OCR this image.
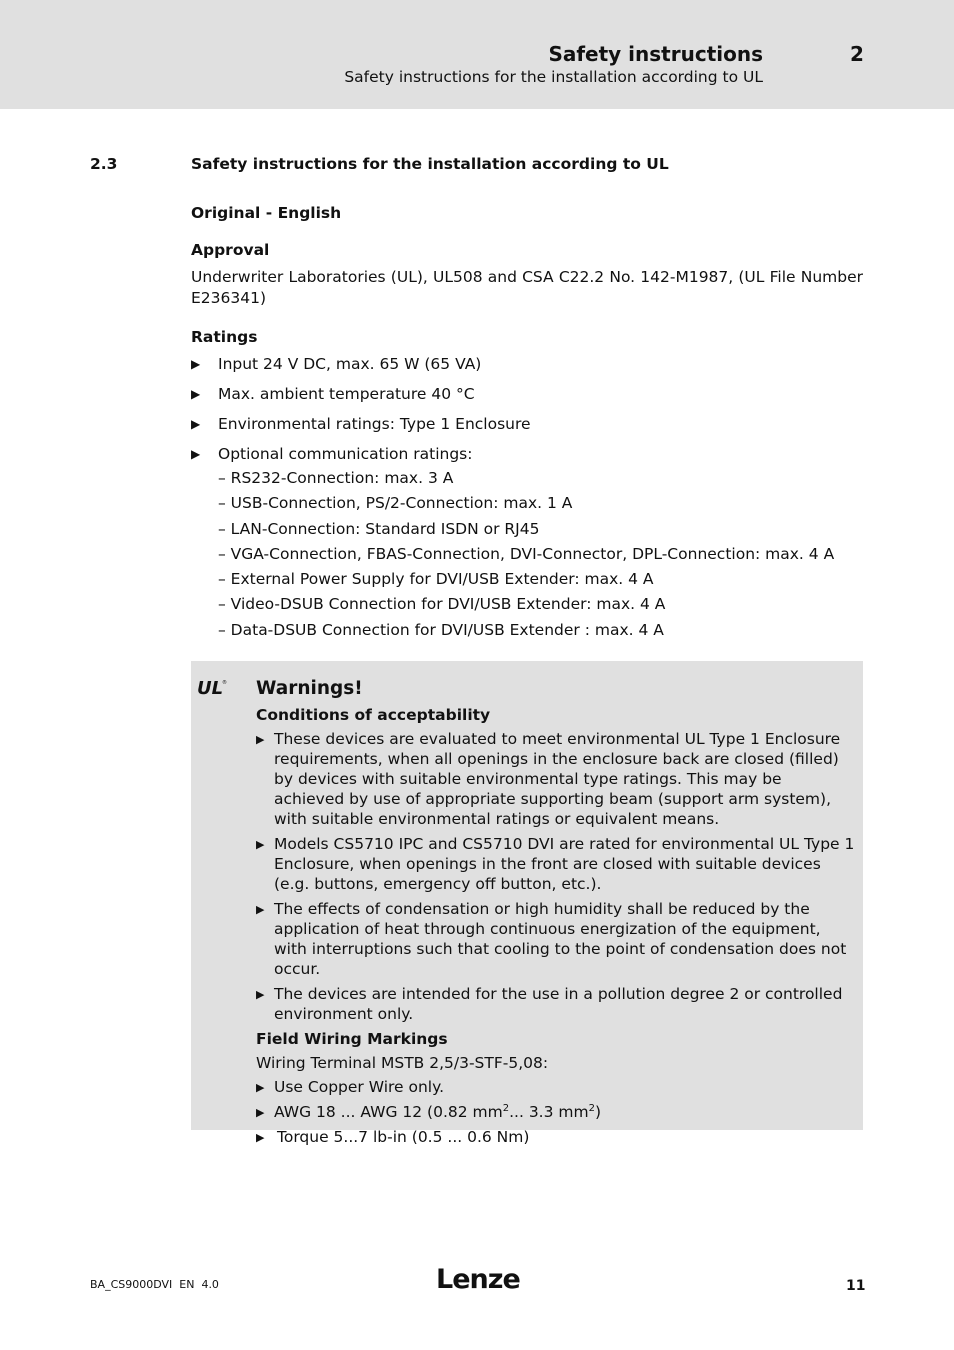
Safety instructions	2
Safety instructions for the installation according to UL
2.3	Safety instructions for the installation according to UL
Original - English
Approval
Underwriter Laboratories (UL), UL508 and CSA C22.2 No. 142-M1987, (UL File Number E236341)
Ratings
▶ Input 24 V DC, max. 65 W (65 VA)
▶ Max. ambient temperature 40 °C
▶ Environmental ratings: Type 1 Enclosure
▶ Optional communication ratings:
– RS232-Connection: max. 3 A
– USB-Connection, PS/2-Connection: max. 1 A
– LAN-Connection: Standard ISDN or RJ45
– VGA-Connection, FBAS-Connection, DVI-Connector, DPL-Connection: max. 4 A
– External Power Supply for DVI/USB Extender: max. 4 A
– Video-DSUB Connection for DVI/USB Extender: max. 4 A
– Data-DSUB Connection for DVI/USB Extender : max. 4 A
UL
® Warnings!
Conditions of acceptability
▶ These devices are evaluated to meet environmental UL Type 1 Enclosure requirements, when all openings in the enclosure back are closed (filled) by devices with suitable environmental type ratings. This may be achieved by use of appropriate supporting beam (support arm system), with suitable environmental ratings or equivalent means.
▶ Models CS5710 IPC and CS5710 DVI are rated for environmental UL Type 1 Enclosure, when openings in the front are closed with suitable devices (e.g. buttons, emergency off button, etc.).
▶ The effects of condensation or high humidity shall be reduced by the application of heat through continuous energization of the equipment, with interruptions such that cooling to the point of condensation does not occur.
▶ The devices are intended for the use in a pollution degree 2 or controlled environment only.
Field Wiring Markings
Wiring Terminal MSTB 2,5/3-STF-5,08:
▶ Use Copper Wire only.
▶ AWG 18 ... AWG 12 (0.82 $mm^2$... 3.3 $mm^2$)
▶ Torque 5...7 lb-in (0.5 ... 0.6 Nm)
BA_CS9000DVI  EN  4.0	Lenze	11
